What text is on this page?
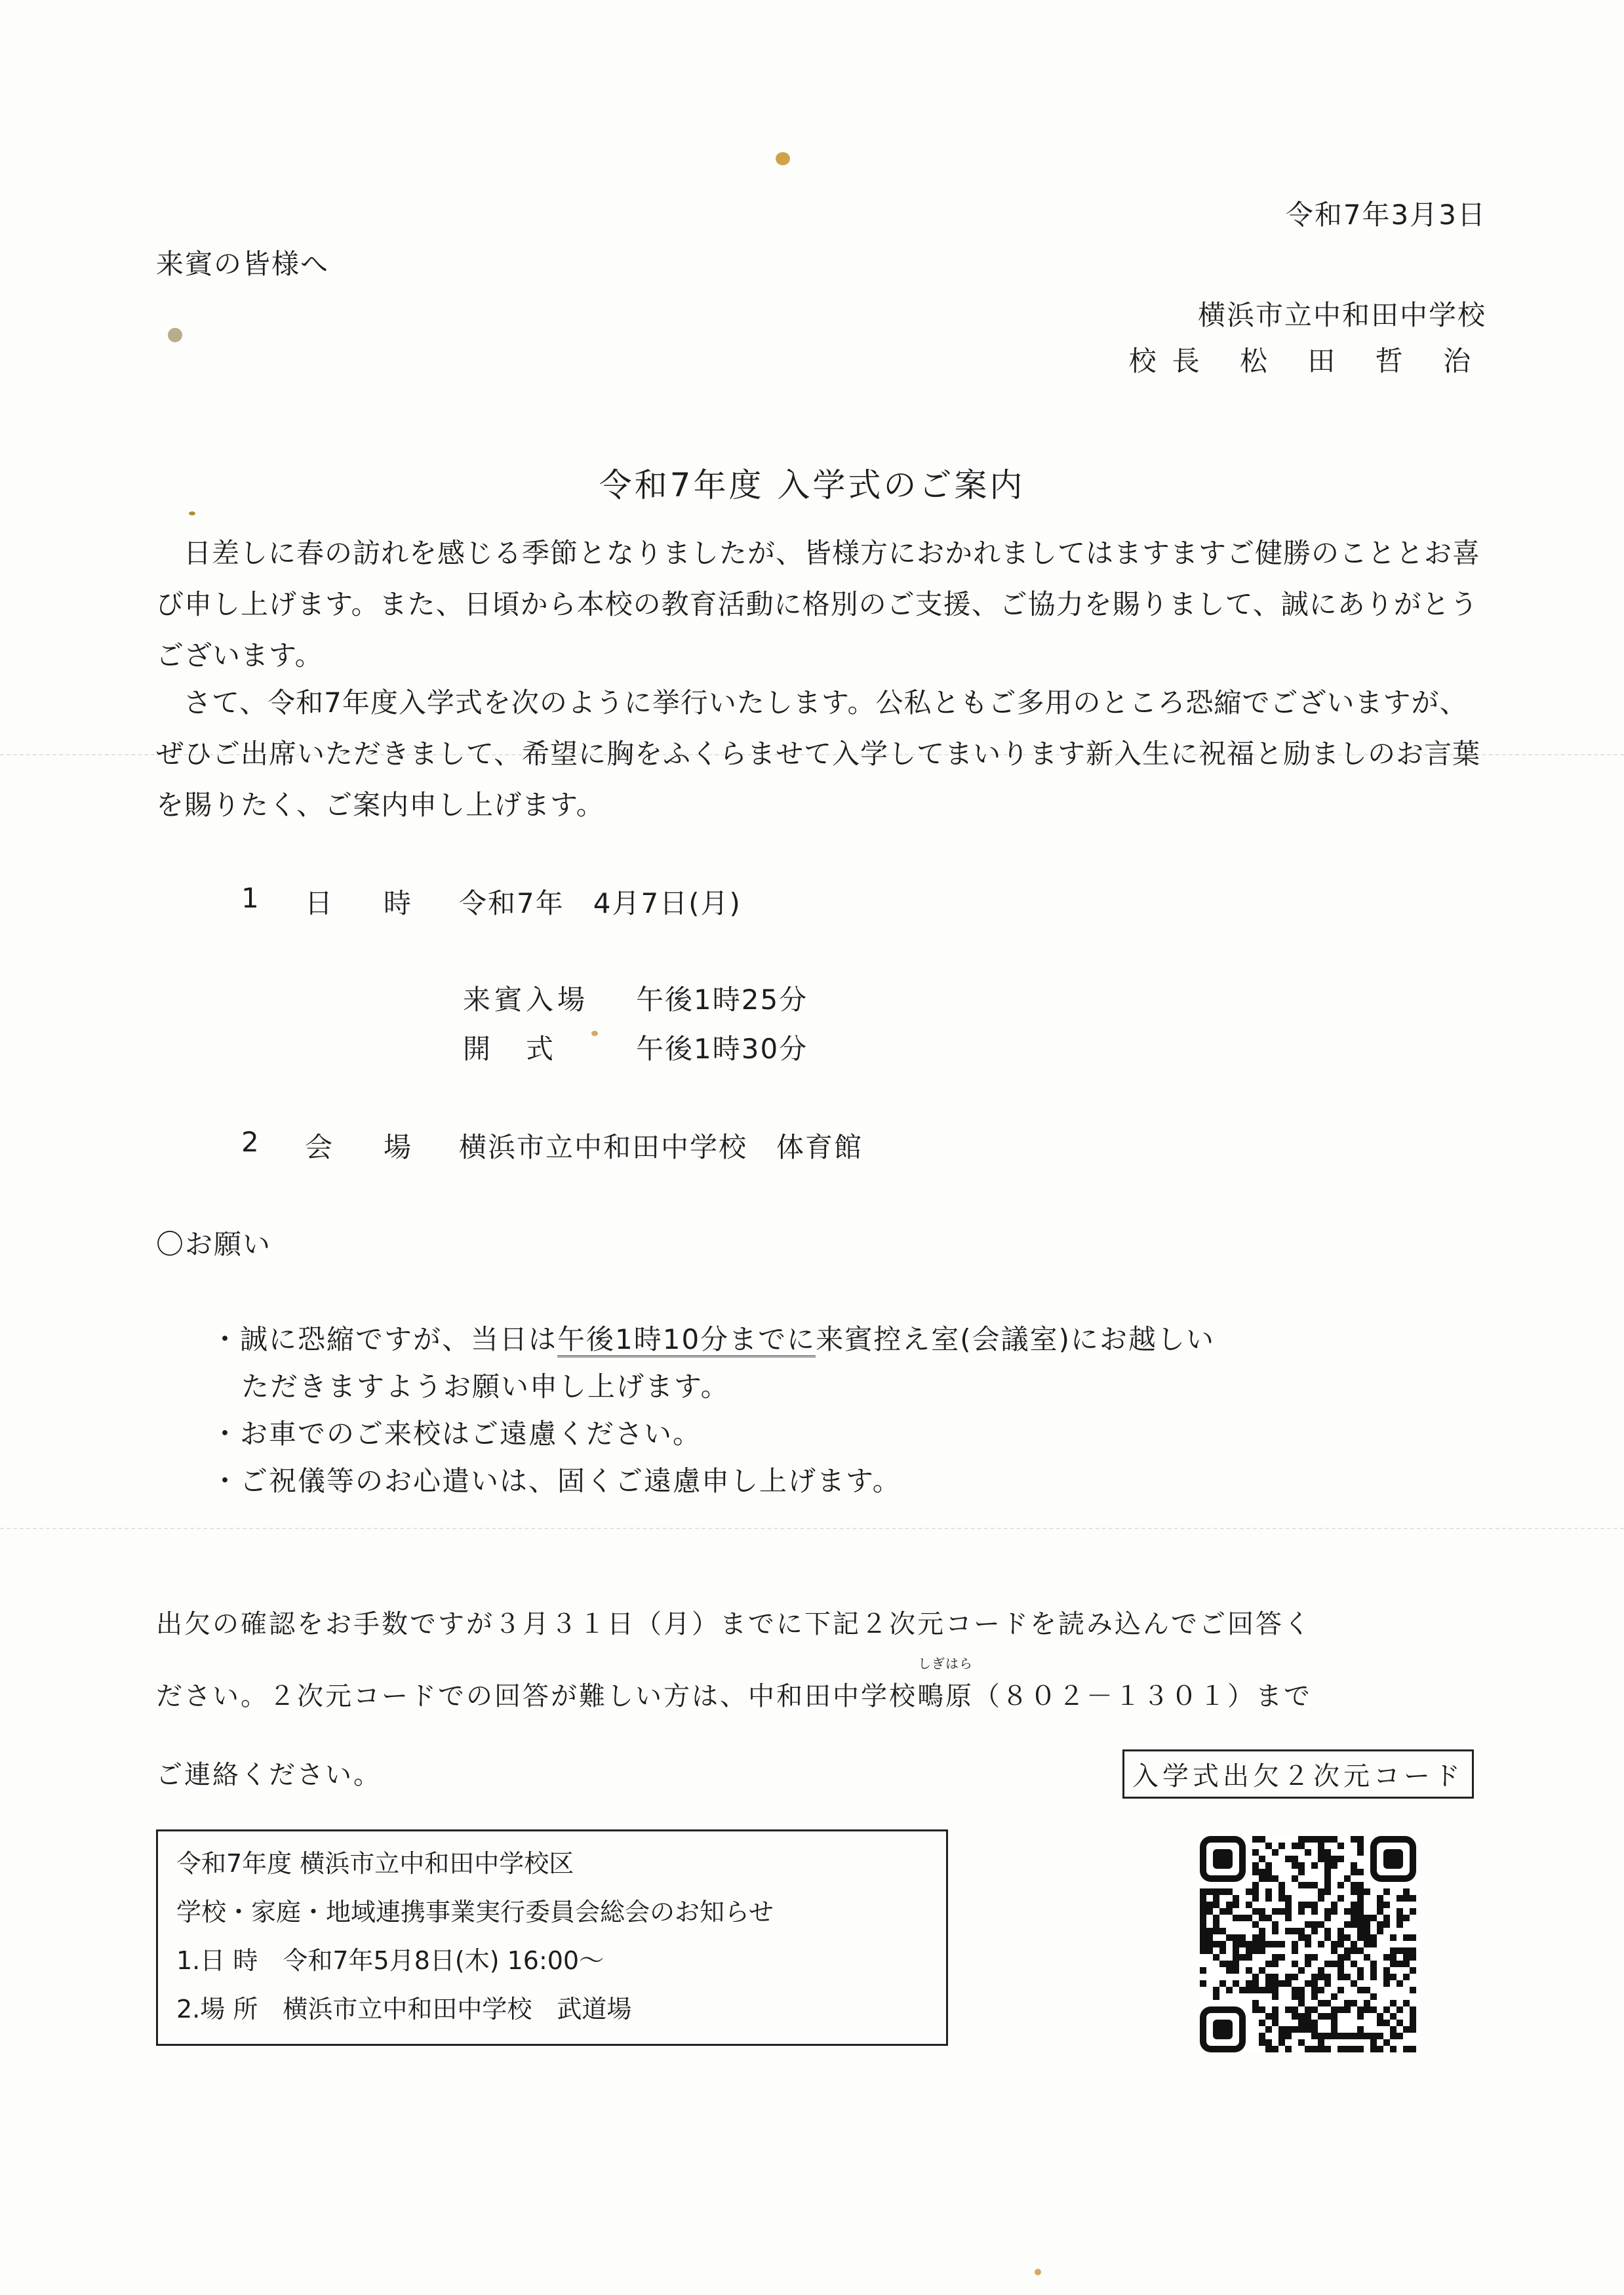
令和7年3月3日
来賓の皆様へ
横浜市立中和田中学校
校長 松 田 哲 治
令和7年度 入学式のご案内
日差しに春の訪れを感じる季節となりましたが、皆様方におかれましてはますますご健勝のこととお喜び申し上げます。また、日頃から本校の教育活動に格別のご支援、ご協力を賜りまして、誠にありがとうございます。
さて、令和7年度入学式を次のように挙行いたします。公私ともご多用のところ恐縮でございますが、ぜひご出席いただきまして、希望に胸をふくらませて入学してまいります新入生に祝福と励ましのお言葉を賜りたく、ご案内申し上げます。
1 日　時 令和7年　4月7日(月)
来賓入場 午後1時25分
開　式	午後1時30分
2 会　場 横浜市立中和田中学校　体育館
〇お願い
・誠に恐縮ですが、当日は午後1時10分までに来賓控え室(会議室)にお越しい
ただきますようお願い申し上げます。
・お車でのご来校はご遠慮ください。
・ご祝儀等のお心遣いは、固くご遠慮申し上げます。
出欠の確認をお手数ですが３月３１日（月）までに下記２次元コードを読み込んでご回答く
ださい。２次元コードでの回答が難しい方は、中和田中学校
しぎはら
鴫原（８０２－１３０１）まで
ご連絡ください。	入学式出欠２次元コード
令和7年度 横浜市立中和田中学校区
学校・家庭・地域連携事業実行委員会総会のお知らせ
1.日 時　令和7年5月8日(木) 16:00～
2.場 所　横浜市立中和田中学校　武道場
